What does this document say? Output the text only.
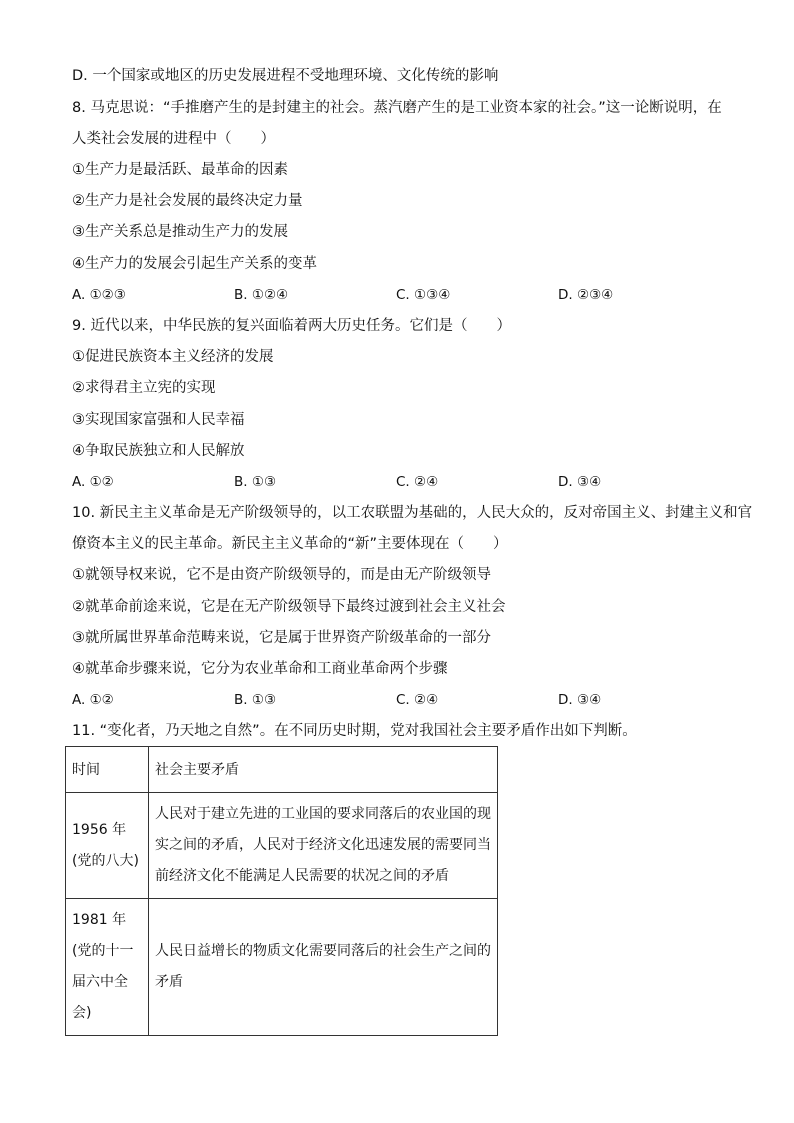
D. 一个国家或地区的历史发展进程不受地理环境、文化传统的影响
8. 马克思说：“手推磨产生的是封建主的社会。蒸汽磨产生的是工业资本家的社会。”这一论断说明，在
人类社会发展的进程中（　　）
①生产力是最活跃、最革命的因素
②生产力是社会发展的最终决定力量
③生产关系总是推动生产力的发展
④生产力的发展会引起生产关系的变革
A. ①②③	B. ①②④	C. ①③④	D. ②③④
9. 近代以来，中华民族的复兴面临着两大历史任务。它们是（　　）
①促进民族资本主义经济的发展
②求得君主立宪的实现
③实现国家富强和人民幸福
④争取民族独立和人民解放
A. ①②	B. ①③	C. ②④	D. ③④
10. 新民主主义革命是无产阶级领导的，以工农联盟为基础的，人民大众的，反对帝国主义、封建主义和官
僚资本主义的民主革命。新民主主义革命的“新”主要体现在（　　）
①就领导权来说，它不是由资产阶级领导的，而是由无产阶级领导
②就革命前途来说，它是在无产阶级领导下最终过渡到社会主义社会
③就所属世界革命范畴来说，它是属于世界资产阶级革命的一部分
④就革命步骤来说，它分为农业革命和工商业革命两个步骤
A. ①②	B. ①③	C. ②④	D. ③④
11. “变化者，乃天地之自然”。在不同历史时期，党对我国社会主要矛盾作出如下判断。
时间	社会主要矛盾
1956 年(党的八大)	人民对于建立先进的工业国的要求同落后的农业国的现实之间的矛盾，人民对于经济文化迅速发展的需要同当前经济文化不能满足人民需要的状况之间的矛盾
1981 年(党的十一届六中全会)	人民日益增长的物质文化需要同落后的社会生产之间的矛盾
